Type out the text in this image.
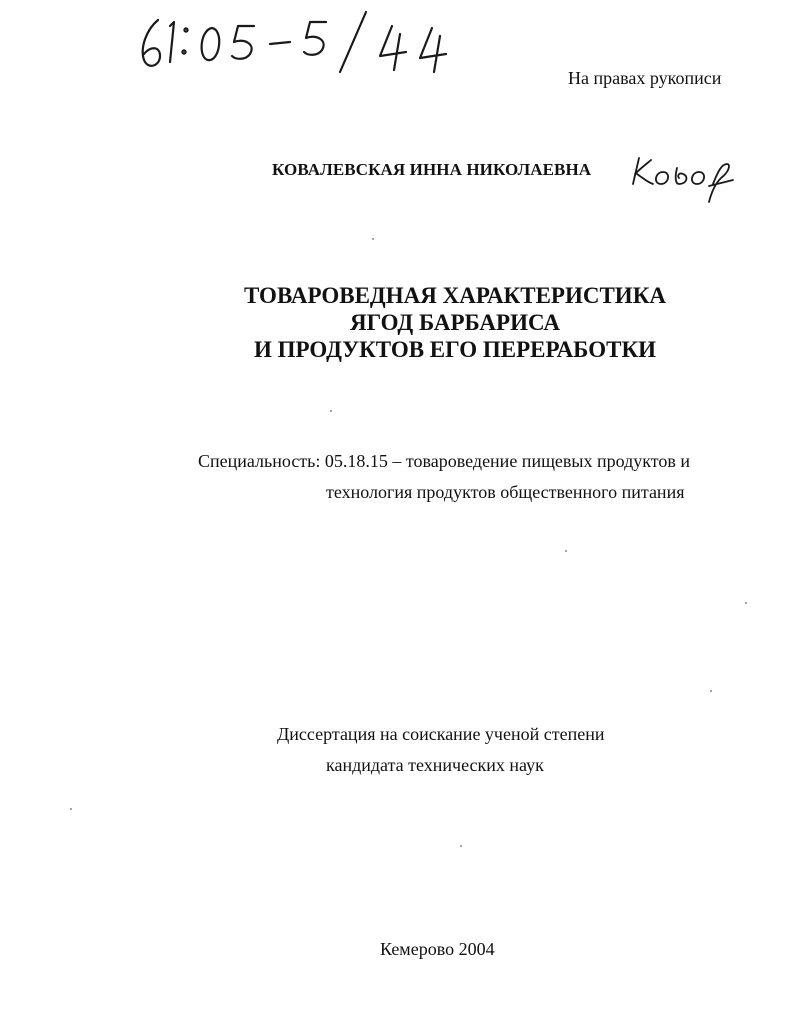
На правах рукописи
КОВАЛЕВСКАЯ ИННА НИКОЛАЕВНА
ТОВАРОВЕДНАЯ ХАРАКТЕРИСТИКА
ЯГОД БАРБАРИСА
И ПРОДУКТОВ ЕГО ПЕРЕРАБОТКИ
Специальность: 05.18.15 – товароведение пищевых продуктов и
технология продуктов общественного питания
Диссертация на соискание ученой степени
кандидата технических наук
Кемерово 2004
